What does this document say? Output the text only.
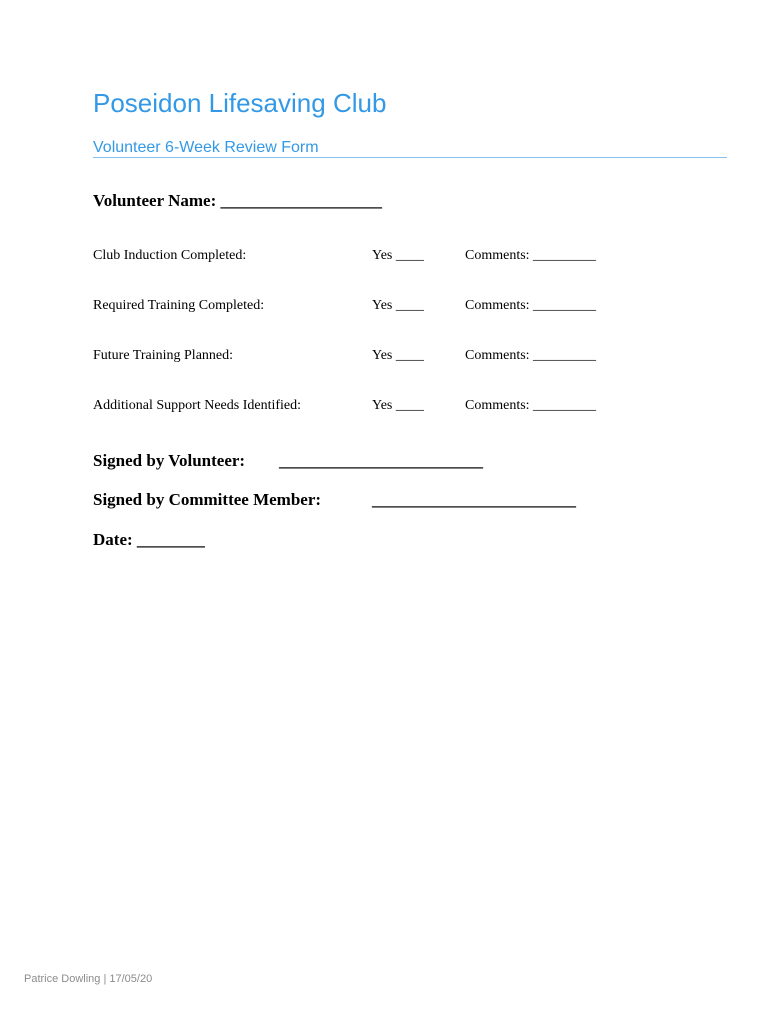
Poseidon Lifesaving Club
Volunteer 6-Week Review Form
Volunteer Name: ___________________
Club Induction Completed:	Yes ____	Comments: _________
Required Training Completed:	Yes ____	Comments: _________
Future Training Planned:	Yes ____	Comments: _________
Additional Support Needs Identified:	Yes ____	Comments: _________
Signed by Volunteer: ________________________
Signed by Committee Member:	________________________
Date: ________
Patrice Dowling | 17/05/20
